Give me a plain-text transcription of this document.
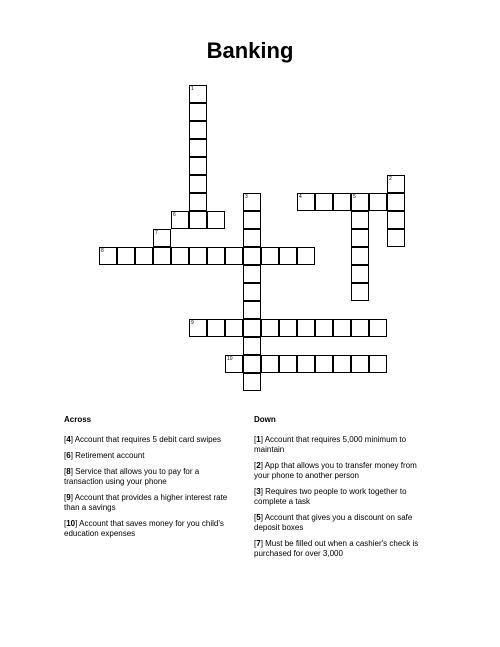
Banking
1
2
3	4	5
6
7
8
9
10
Across
[4] Account that requires 5 debit card swipes
[6] Retirement account
[8] Service that allows you to pay for a transaction using your phone
[9] Account that provides a higher interest rate than a savings
[10] Account that saves money for you child's education expenses
Down
[1] Account that requires 5,000 minimum to maintain
[2] App that allows you to transfer money from your phone to another person
[3] Requires two people to work together to complete a task
[5] Account that gives you a discount on safe deposit boxes
[7] Must be filled out when a cashier's check is purchased for over 3,000
